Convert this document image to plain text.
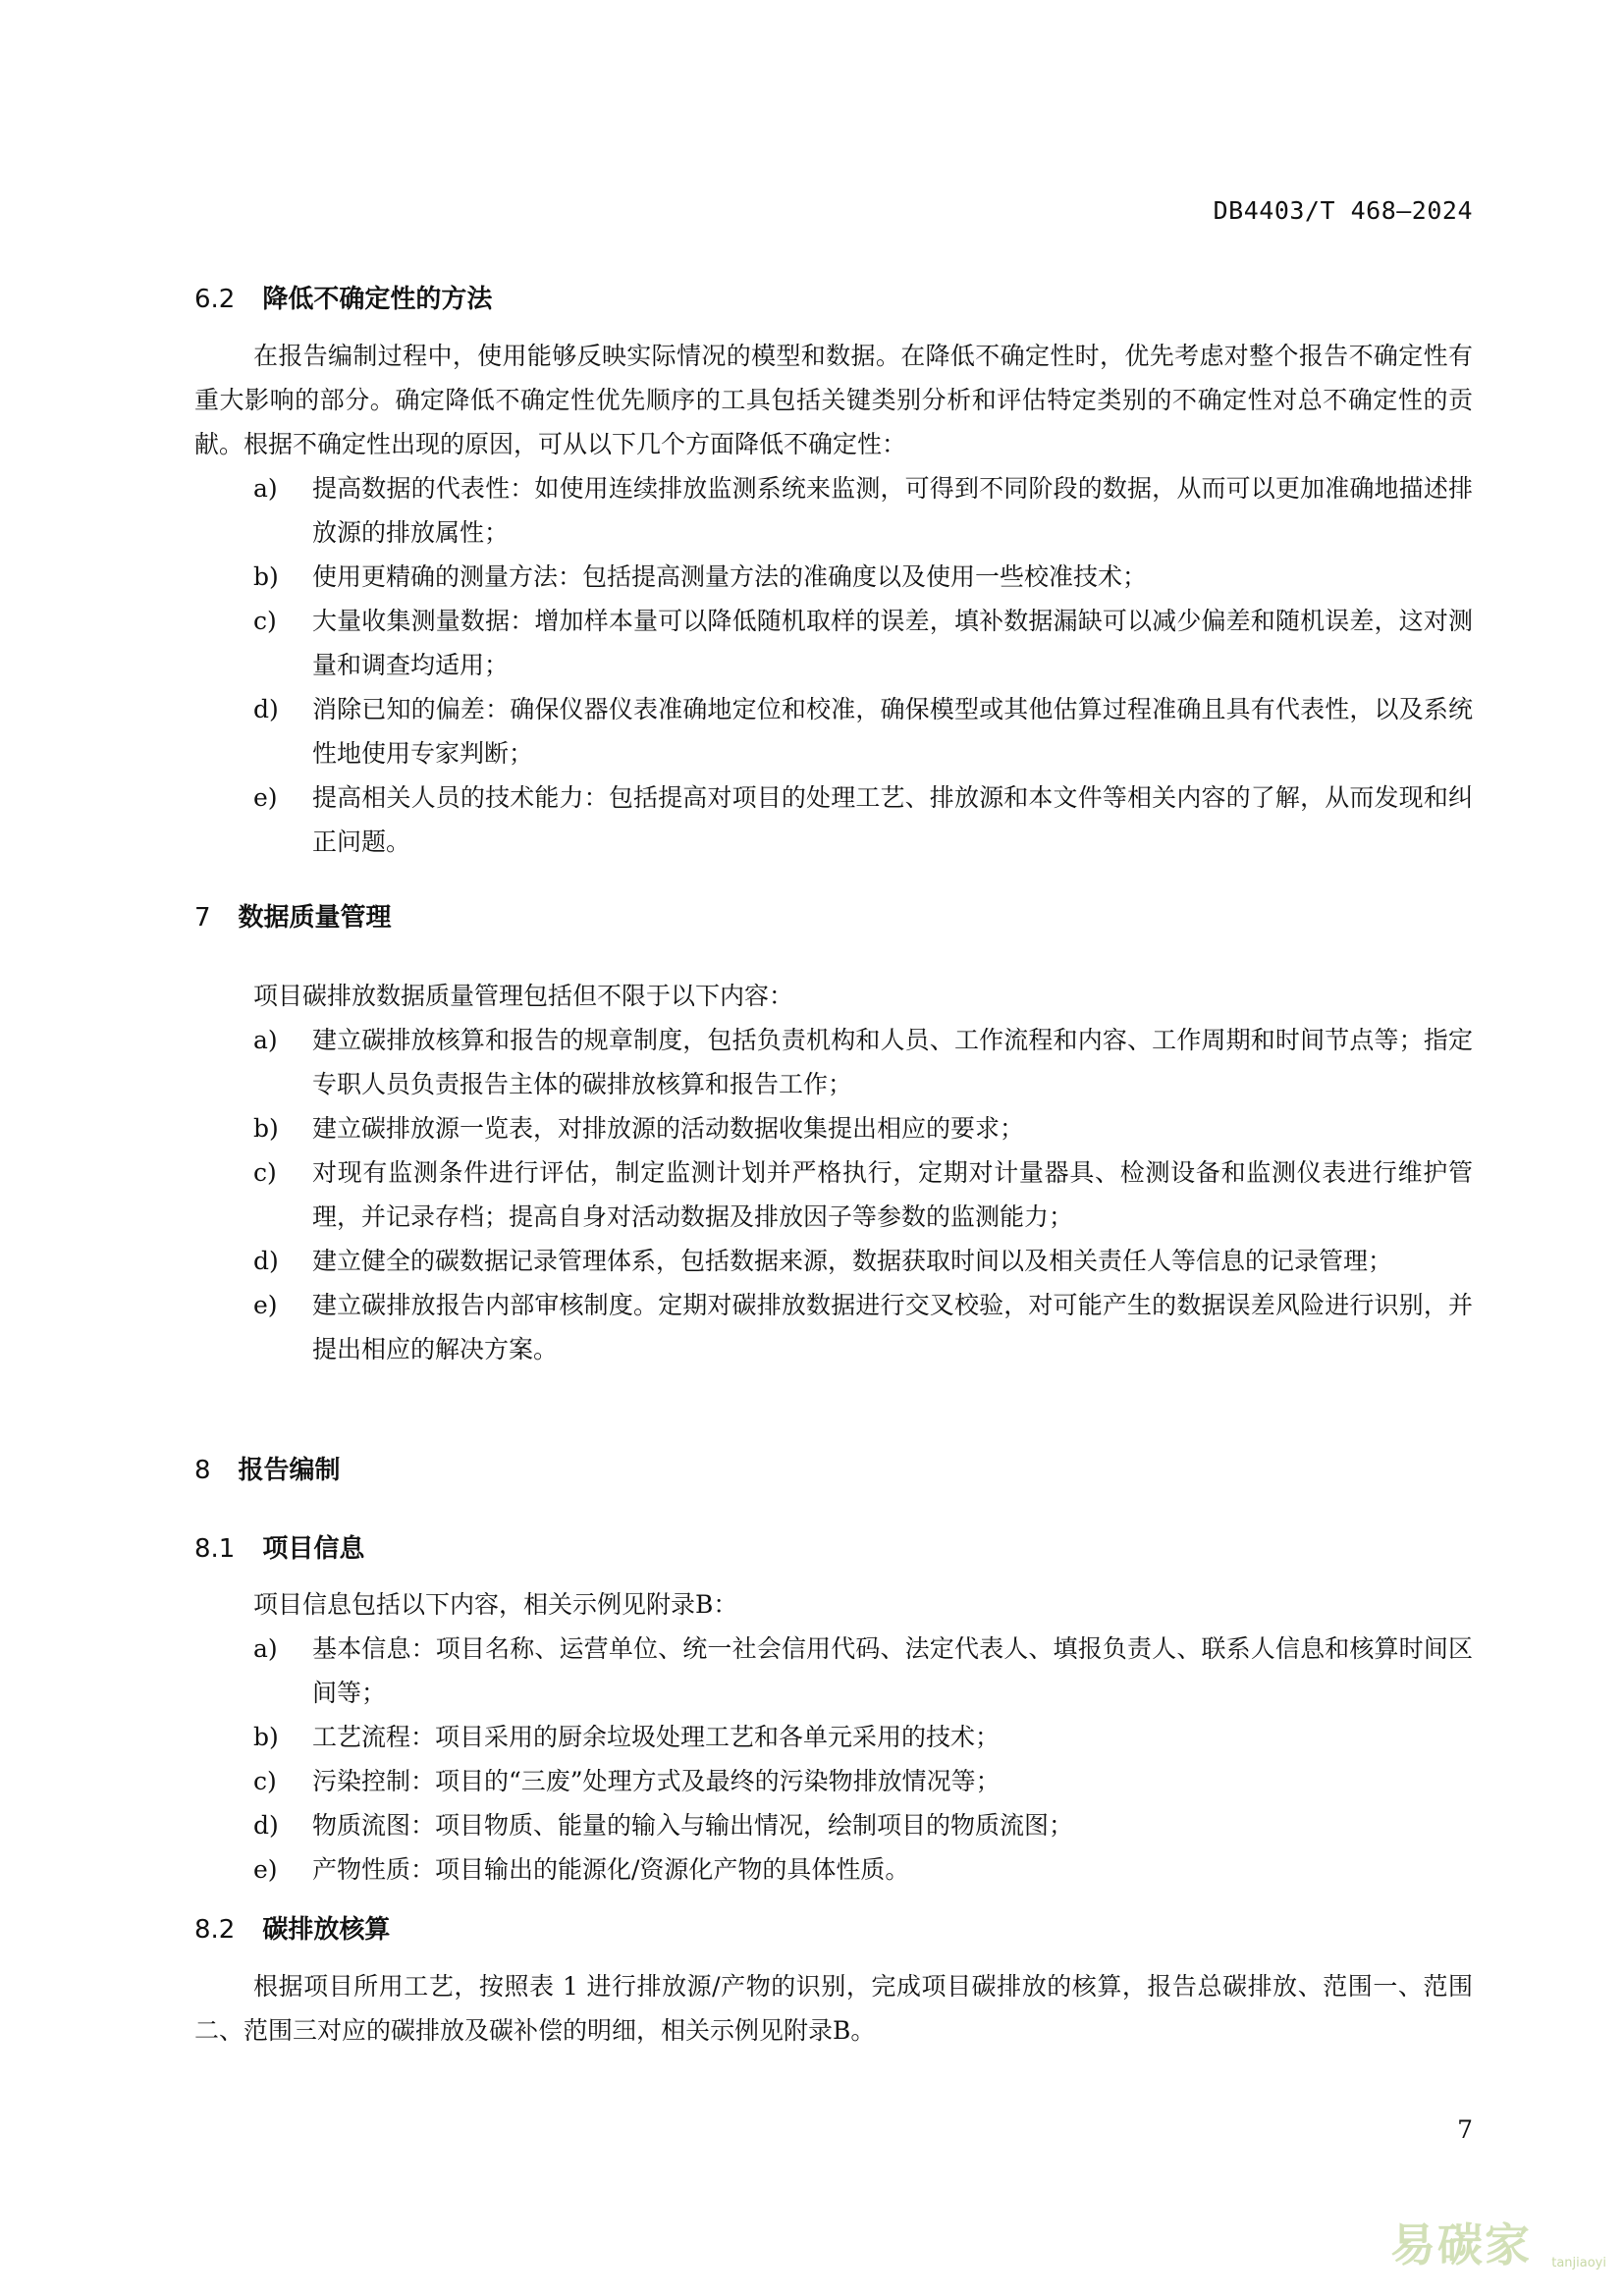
DB4403/T 468—2024
6.2 降低不确定性的方法

在报告编制过程中，使用能够反映实际情况的模型和数据。在降低不确定性时，优先考虑对整个报告不确定性有重大影响的部分。确定降低不确定性优先顺序的工具包括关键类别分析和评估特定类别的不确定性对总不确定性的贡献。根据不确定性出现的原因，可从以下几个方面降低不确定性：

a) 提高数据的代表性：如使用连续排放监测系统来监测，可得到不同阶段的数据，从而可以更加准确地描述排放源的排放属性；
b) 使用更精确的测量方法：包括提高测量方法的准确度以及使用一些校准技术；
c) 大量收集测量数据：增加样本量可以降低随机取样的误差，填补数据漏缺可以减少偏差和随机误差，这对测量和调查均适用；
d) 消除已知的偏差：确保仪器仪表准确地定位和校准，确保模型或其他估算过程准确且具有代表性，以及系统性地使用专家判断；
e) 提高相关人员的技术能力：包括提高对项目的处理工艺、排放源和本文件等相关内容的了解，从而发现和纠正问题。
7 数据质量管理

项目碳排放数据质量管理包括但不限于以下内容：

a) 建立碳排放核算和报告的规章制度，包括负责机构和人员、工作流程和内容、工作周期和时间节点等；指定专职人员负责报告主体的碳排放核算和报告工作；
b) 建立碳排放源一览表，对排放源的活动数据收集提出相应的要求；
c) 对现有监测条件进行评估，制定监测计划并严格执行，定期对计量器具、检测设备和监测仪表进行维护管理，并记录存档；提高自身对活动数据及排放因子等参数的监测能力；
d) 建立健全的碳数据记录管理体系，包括数据来源，数据获取时间以及相关责任人等信息的记录管理；
e) 建立碳排放报告内部审核制度。定期对碳排放数据进行交叉校验，对可能产生的数据误差风险进行识别，并提出相应的解决方案。
8 报告编制
8.1 项目信息

项目信息包括以下内容，相关示例见附录B：

a) 基本信息：项目名称、运营单位、统一社会信用代码、法定代表人、填报负责人、联系人信息和核算时间区间等；
b) 工艺流程：项目采用的厨余垃圾处理工艺和各单元采用的技术；
c) 污染控制：项目的“三废”处理方式及最终的污染物排放情况等；
d) 物质流图：项目物质、能量的输入与输出情况，绘制项目的物质流图；
e) 产物性质：项目输出的能源化/资源化产物的具体性质。
8.2 碳排放核算

根据项目所用工艺，按照表 1 进行排放源/产物的识别，完成项目碳排放的核算，报告总碳排放、范围一、范围二、范围三对应的碳排放及碳补偿的明细，相关示例见附录B。

7
易碳家 tanjiaoyi
